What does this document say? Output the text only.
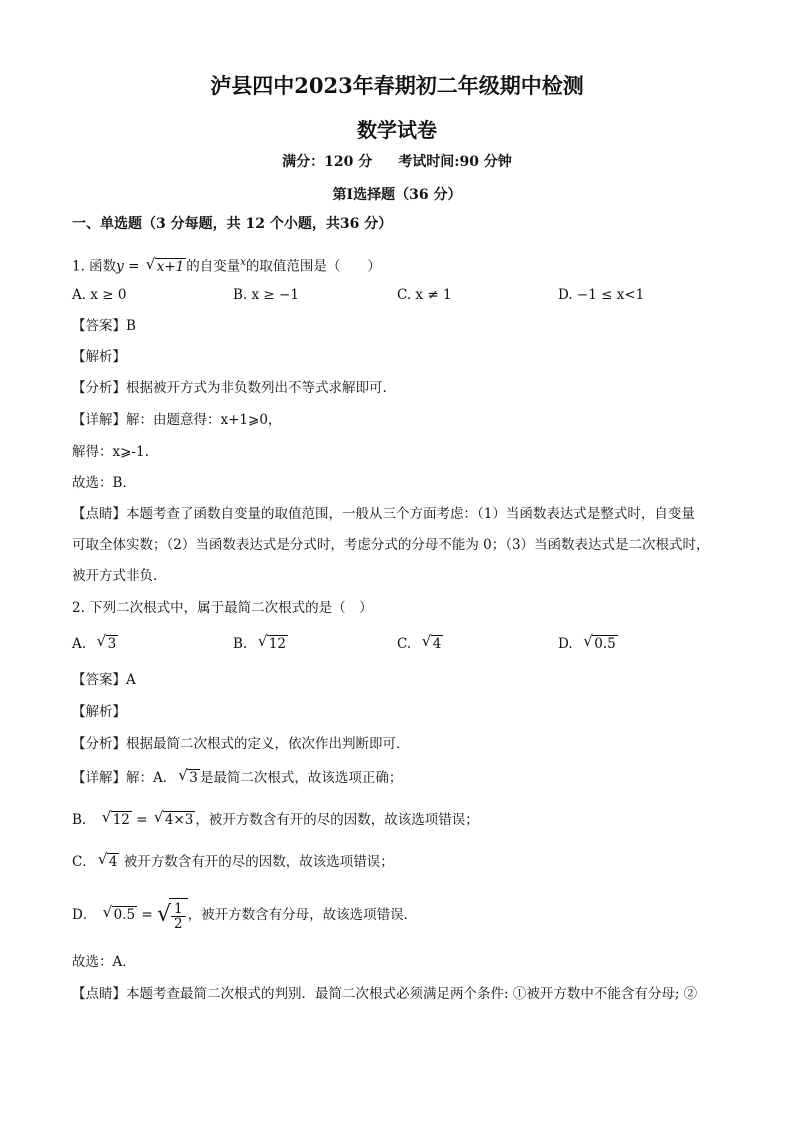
泸县四中2023年春期初二年级期中检测
数学试卷
满分：120 分 考试时间:90 分钟
第Ⅰ选择题（36 分）
一、单选题（3 分每题，共 12 个小题，共36 分）
1. 函数y = √ x+1 的自变量$^x$的取值范围是（　　）
A. x ≥ 0	B. x ≥ −1	C. x ≠ 1	D. −1 ≤ x<1
【答案】B
【解析】
【分析】根据被开方式为非负数列出不等式求解即可.
【详解】解：由题意得：x+1⩾0，
解得：x⩾-1.
故选：B.
【点睛】本题考查了函数自变量的取值范围，一般从三个方面考虑：（1）当函数表达式是整式时，自变量
可取全体实数；（2）当函数表达式是分式时，考虑分式的分母不能为 0；（3）当函数表达式是二次根式时，
被开方式非负.
2. 下列二次根式中，属于最简二次根式的是（　）
A. √ 3	B. √ 12	C. √ 4	D. √ 0.5
【答案】A
【解析】
【分析】根据最简二次根式的定义，依次作出判断即可．
【详解】解：A． √ 3 是最简二次根式，故该选项正确；
B． √ 12 = √ 4×3 ，被开方数含有开的尽的因数，故该选项错误；
C． √ 4 被开方数含有开的尽的因数，故该选项错误；
D． √ 0.5 = √ $\frac{1}{2}$ ，被开方数含有分母，故该选项错误．
故选：A．
【点睛】本题考查最简二次根式的判别．最简二次根式必须满足两个条件: ①被开方数中不能含有分母; ②
